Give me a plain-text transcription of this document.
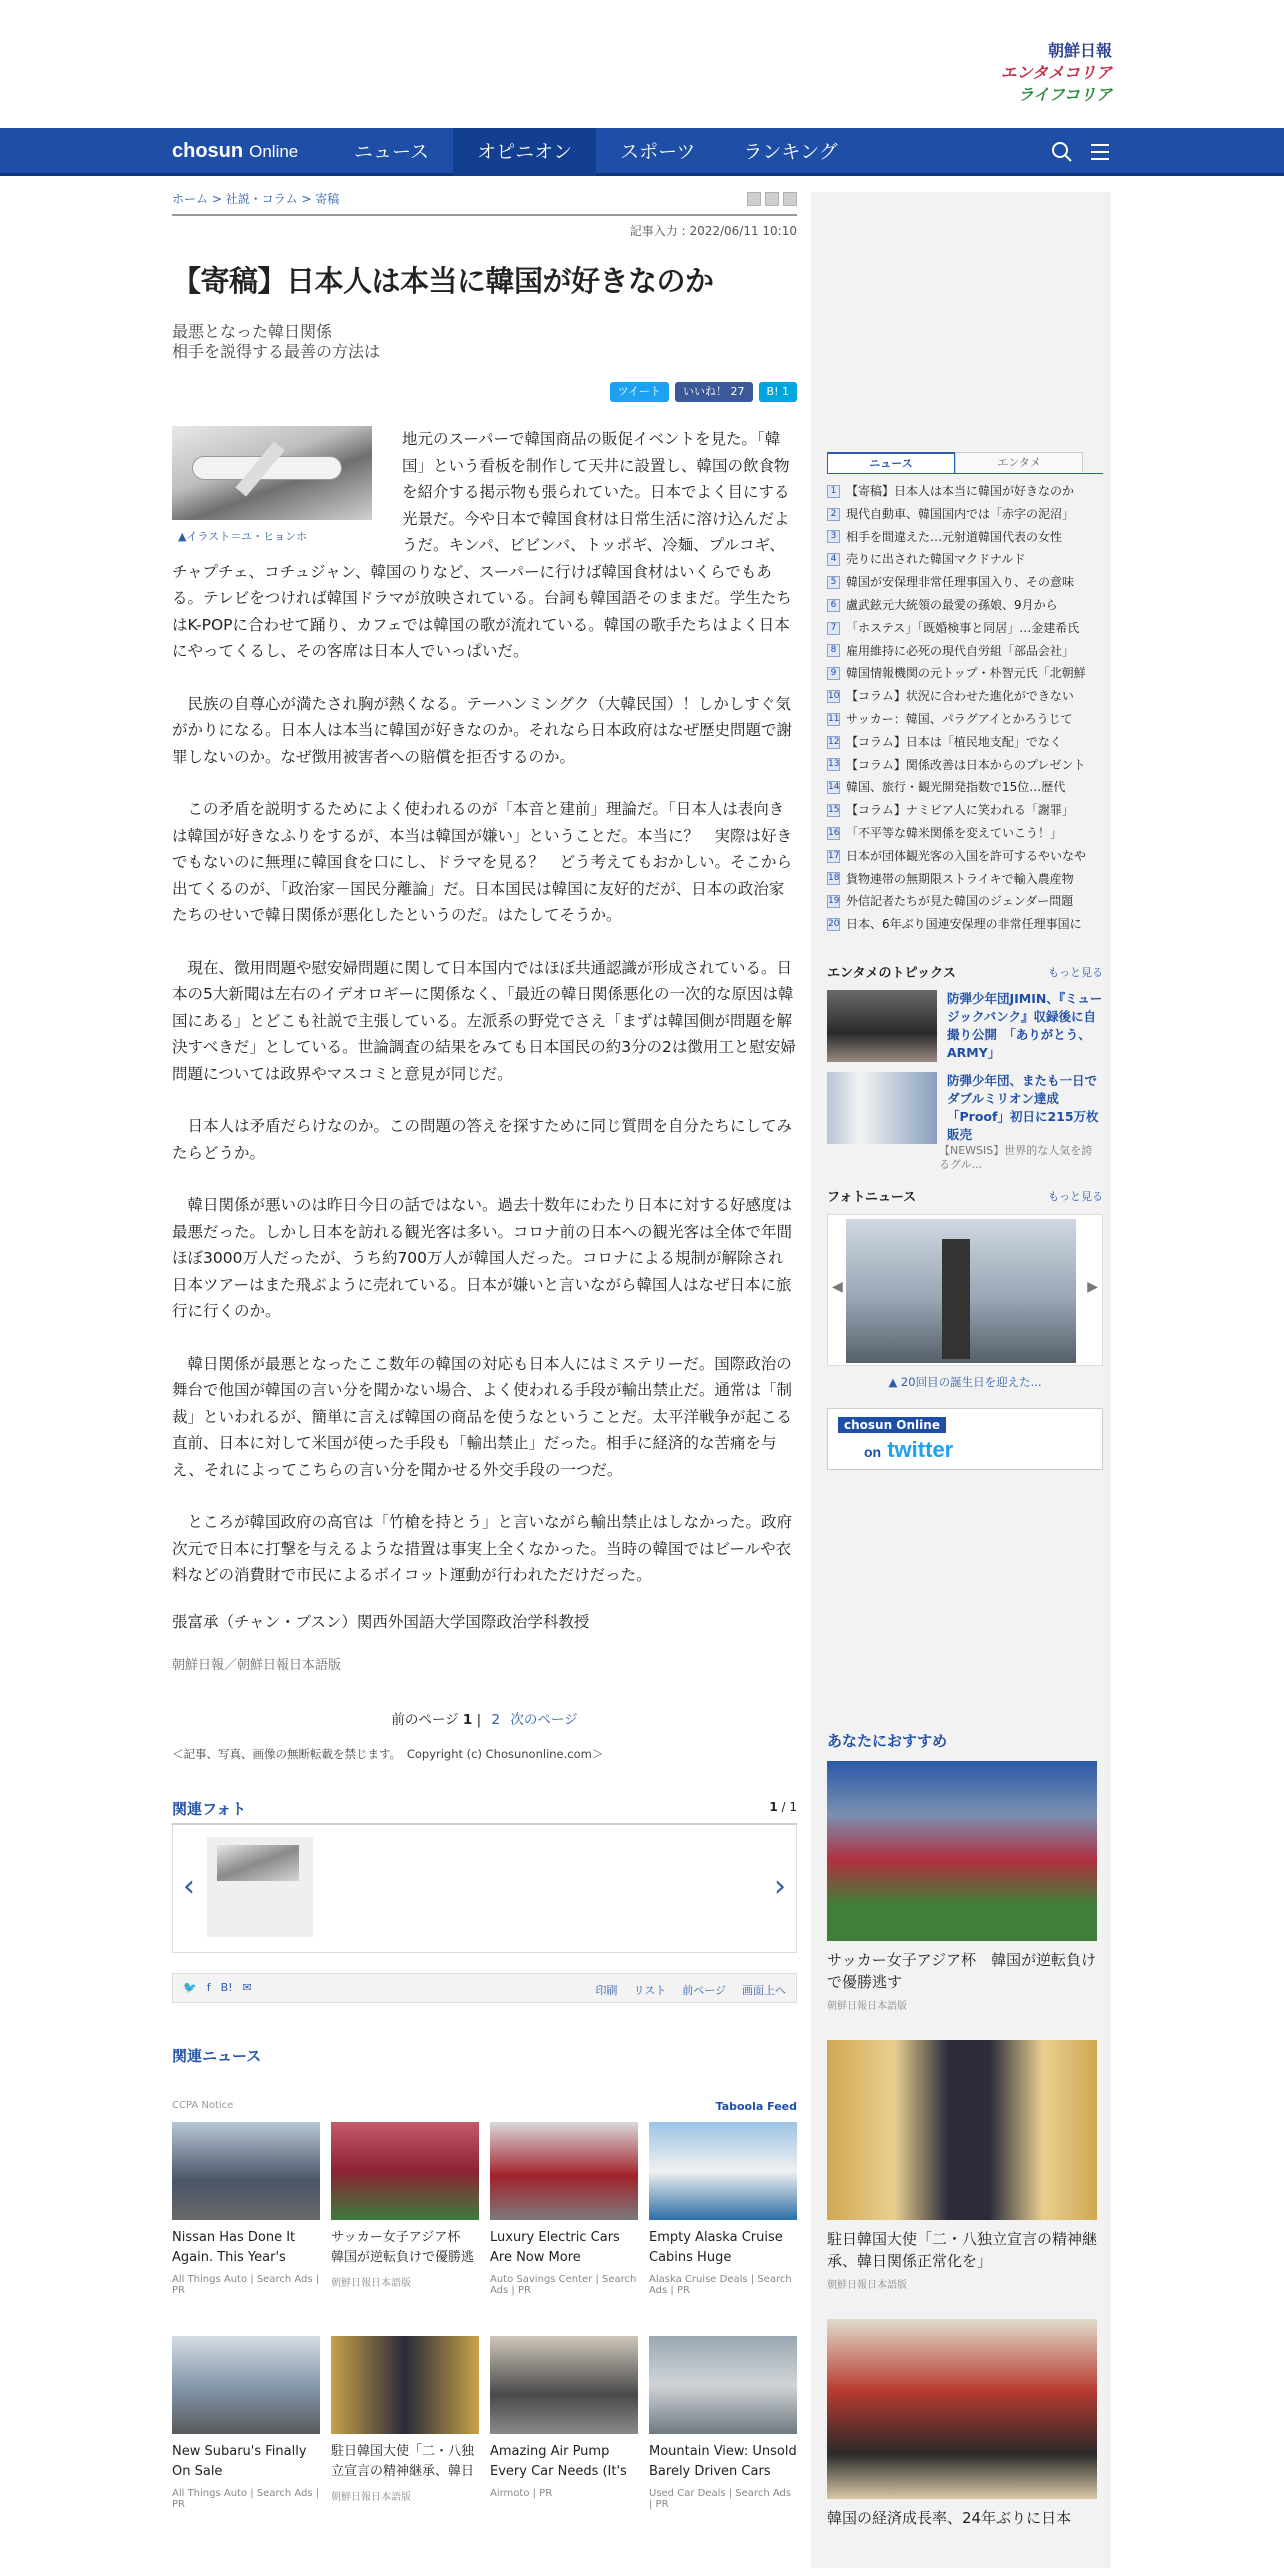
朝鮮日報
エンタメコリア
ライフコリア
chosun Online	ニュース	オピニオン	スポーツ	ランキング
ホーム > 社説・コラム > 寄稿
記事入力 : 2022/06/11 10:10
【寄稿】日本人は本当に韓国が好きなのか
最悪となった韓日関係
相手を説得する最善の方法は
ツイート	いいね！ 27	B! 1
▲イラスト＝ユ・ヒョンホ

地元のスーパーで韓国商品の販促イベントを見た。「韓国」という看板を制作して天井に設置し、韓国の飲食物を紹介する掲示物も張られていた。日本でよく目にする光景だ。今や日本で韓国食材は日常生活に溶け込んだようだ。キンパ、ビビンバ、トッポギ、冷麺、プルコギ、チャプチェ、コチュジャン、韓国のりなど、スーパーに行けば韓国食材はいくらでもある。テレビをつければ韓国ドラマが放映されている。台詞も韓国語そのままだ。学生たちはK-POPに合わせて踊り、カフェでは韓国の歌が流れている。韓国の歌手たちはよく日本にやってくるし、その客席は日本人でいっぱいだ。

民族の自尊心が満たされ胸が熱くなる。テーハンミングク（大韓民国）！しかしすぐ気がかりになる。日本人は本当に韓国が好きなのか。それなら日本政府はなぜ歴史問題で謝罪しないのか。なぜ徴用被害者への賠償を拒否するのか。

この矛盾を説明するためによく使われるのが「本音と建前」理論だ。「日本人は表向きは韓国が好きなふりをするが、本当は韓国が嫌い」ということだ。本当に？　実際は好きでもないのに無理に韓国食を口にし、ドラマを見る？　どう考えてもおかしい。そこから出てくるのが、「政治家－国民分離論」だ。日本国民は韓国に友好的だが、日本の政治家たちのせいで韓日関係が悪化したというのだ。はたしてそうか。

現在、徴用問題や慰安婦問題に関して日本国内ではほぼ共通認識が形成されている。日本の5大新聞は左右のイデオロギーに関係なく、「最近の韓日関係悪化の一次的な原因は韓国にある」とどこも社説で主張している。左派系の野党でさえ「まずは韓国側が問題を解決すべきだ」としている。世論調査の結果をみても日本国民の約3分の2は徴用工と慰安婦問題については政界やマスコミと意見が同じだ。

日本人は矛盾だらけなのか。この問題の答えを探すために同じ質問を自分たちにしてみたらどうか。

韓日関係が悪いのは昨日今日の話ではない。過去十数年にわたり日本に対する好感度は最悪だった。しかし日本を訪れる観光客は多い。コロナ前の日本への観光客は全体で年間ほぼ3000万人だったが、うち約700万人が韓国人だった。コロナによる規制が解除され日本ツアーはまた飛ぶように売れている。日本が嫌いと言いながら韓国人はなぜ日本に旅行に行くのか。

韓日関係が最悪となったここ数年の韓国の対応も日本人にはミステリーだ。国際政治の舞台で他国が韓国の言い分を聞かない場合、よく使われる手段が輸出禁止だ。通常は「制裁」といわれるが、簡単に言えば韓国の商品を使うなということだ。太平洋戦争が起こる直前、日本に対して米国が使った手段も「輸出禁止」だった。相手に経済的な苦痛を与え、それによってこちらの言い分を聞かせる外交手段の一つだ。

ところが韓国政府の高官は「竹槍を持とう」と言いながら輸出禁止はしなかった。政府次元で日本に打撃を与えるような措置は事実上全くなかった。当時の韓国ではビールや衣料などの消費財で市民によるボイコット運動が行われただけだった。

張富承（チャン・ブスン）関西外国語大学国際政治学科教授
朝鮮日報／朝鮮日報日本語版
前のページ 1 | 2 次のページ
＜記事、写真、画像の無断転載を禁じます。　Copyright (c) Chosunonline.com＞
関連フォト	1 / 1
‹	›
🐦 f B! ✉	印刷 リスト 前ページ 画面上へ
関連ニュース
CCPA Notice	Taboola Feed
Nissan Has Done It Again. This Year's
All Things Auto | Search Ads | PR
サッカー女子アジア杯　韓国が逆転負けで優勝逃
朝鮮日報日本語版
Luxury Electric Cars Are Now More
Auto Savings Center | Search Ads | PR
Empty Alaska Cruise Cabins Huge
Alaska Cruise Deals | Search Ads | PR
New Subaru's Finally On Sale
All Things Auto | Search Ads | PR
駐日韓国大使「二・八独立宣言の精神継承、韓日
朝鮮日報日本語版
Amazing Air Pump Every Car Needs (It's
Airmoto | PR
Mountain View: Unsold Barely Driven Cars
Used Car Deals | Search Ads | PR
ニュース	エンタメ
1 【寄稿】日本人は本当に韓国が好きなのか
2 現代自動車、韓国国内では「赤字の泥沼」
3 相手を間違えた…元射道韓国代表の女性
4 売りに出された韓国マクドナルド
5 韓国が安保理非常任理事国入り、その意味
6 盧武鉉元大統領の最愛の孫娘、9月から
7 「ホステス」「既婚検事と同居」…金建希氏
8 雇用維持に必死の現代自労組「部品会社」
9 韓国情報機関の元トップ・朴智元氏「北朝鮮
10 【コラム】状況に合わせた進化ができない
11 サッカー：韓国、パラグアイとかろうじて
12 【コラム】日本は「植民地支配」でなく
13 【コラム】関係改善は日本からのプレゼント
14 韓国、旅行・観光開発指数で15位…歴代
15 【コラム】ナミビア人に笑われる「謝罪」
16 「不平等な韓米関係を変えていこう！」
17 日本が団体観光客の入国を許可するやいなや
18 貨物連帯の無期限ストライキで輸入農産物
19 外信記者たちが見た韓国のジェンダー問題
20 日本、6年ぶり国連安保理の非常任理事国に
エンタメのトピックス	もっと見る
防弾少年団JIMIN、『ミュージックバンク』収録後に自撮り公開　「ありがとう、ARMY」
防弾少年団、またも一日でダブルミリオン達成「Proof」初日に215万枚販売
【NEWSIS】世界的な人気を誇るグル...
フォトニュース	もっと見る
◀	▶
▲ 20回目の誕生日を迎えた...
chosun Online
on twitter
あなたにおすすめ
サッカー女子アジア杯　韓国が逆転負けで優勝逃す
朝鮮日報日本語版
駐日韓国大使「二・八独立宣言の精神継承、韓日関係正常化を」
朝鮮日報日本語版
韓国の経済成長率、24年ぶりに日本
